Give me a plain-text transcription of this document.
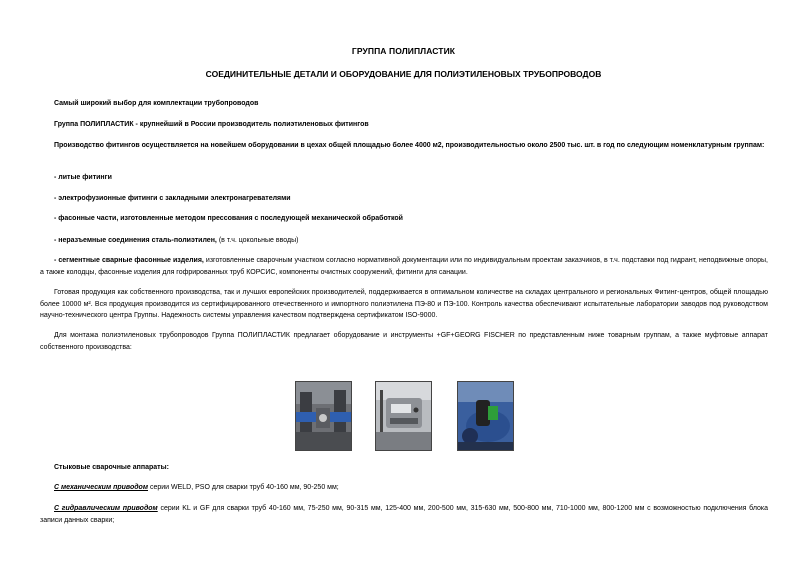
ГРУППА ПОЛИПЛАСТИК
СОЕДИНИТЕЛЬНЫЕ ДЕТАЛИ И ОБОРУДОВАНИЕ ДЛЯ ПОЛИЭТИЛЕНОВЫХ ТРУБОПРОВОДОВ
Самый широкий выбор для комплектации трубопроводов
Группа ПОЛИПЛАСТИК - крупнейший в России производитель полиэтиленовых фитингов
Производство фитингов осуществляется на новейшем оборудовании в цехах общей площадью более 4000 м2, производительностью около 2500 тыс. шт. в год по следующим номенклатурным группам:
- литые фитинги
- электрофузионные фитинги с закладными электронагревателями
- фасонные части, изготовленные методом прессования с последующей механической обработкой
- неразъемные соединения сталь-полиэтилен, (в т.ч. цокольные вводы)
- сегментные сварные фасонные изделия, изготовленные сварочным участком согласно нормативной документации или по индивидуальным проектам заказчиков, в т.ч. подставки под гидрант, неподвижные опоры, а также колодцы, фасонные изделия для гофрированных труб КОРСИС, компоненты очистных сооружений, фитинги для санации.
Готовая продукция как собственного производства, так и лучших европейских производителей, поддерживается в оптимальном количестве на складах центрального и региональных Фитинг-центров, общей площадью более 10000 м². Вся продукция производится из сертифицированного отечественного и импортного полиэтилена ПЭ-80 и ПЭ-100. Контроль качества обеспечивают испытательные лаборатории заводов под руководством научно-технического центра Группы. Надежность системы управления качеством подтверждена сертификатом ISO-9000.
Для монтажа полиэтиленовых трубопроводов Группа ПОЛИПЛАСТИК предлагает оборудование и инструменты +GF+GEORG FISCHER по представленным ниже товарным группам, а также муфтовые аппарат собственного производства:
Стыковые сварочные аппараты:
С механическим приводом серии WELD, PSO для сварки труб 40-160 мм, 90-250 мм;
С гидравлическим приводом серии KL и GF для сварки труб 40-160 мм, 75-250 мм, 90-315 мм, 125-400 мм, 200-500 мм, 315-630 мм, 500-800 мм, 710-1000 мм, 800-1200 мм с возможностью подключения блока записи данных сварки;
